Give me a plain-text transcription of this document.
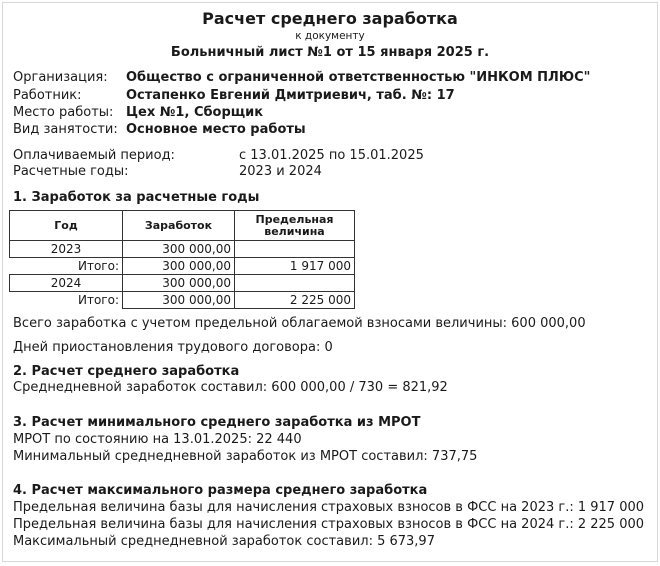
Расчет среднего заработка
к документу
Больничный лист №1 от 15 января 2025 г.
Организация: Общество с ограниченной ответственностью "ИНКОМ ПЛЮС"
Работник:	Остапенко Евгений Дмитриевич, таб. №: 17
Место работы: Цех №1, Сборщик
Вид занятости: Основное место работы
Оплачиваемый период:	с 13.01.2025 по 15.01.2025
Расчетные годы:	2023 и 2024
1. Заработок за расчетные годы
Год	Заработок	Предельная величина
2023	300 000,00	
Итого:	300 000,00	1 917 000
2024	300 000,00	
Итого:	300 000,00	2 225 000
Всего заработка с учетом предельной облагаемой взносами величины: 600 000,00
Дней приостановления трудового договора: 0
2. Расчет среднего заработка
Среднедневной заработок составил: 600 000,00 / 730 = 821,92
3. Расчет минимального среднего заработка из МРОТ
МРОТ по состоянию на 13.01.2025: 22 440
Минимальный среднедневной заработок из МРОТ составил: 737,75
4. Расчет максимального размера среднего заработка
Предельная величина базы для начисления страховых взносов в ФСС на 2023 г.: 1 917 000
Предельная величина базы для начисления страховых взносов в ФСС на 2024 г.: 2 225 000
Максимальный среднедневной заработок составил: 5 673,97
